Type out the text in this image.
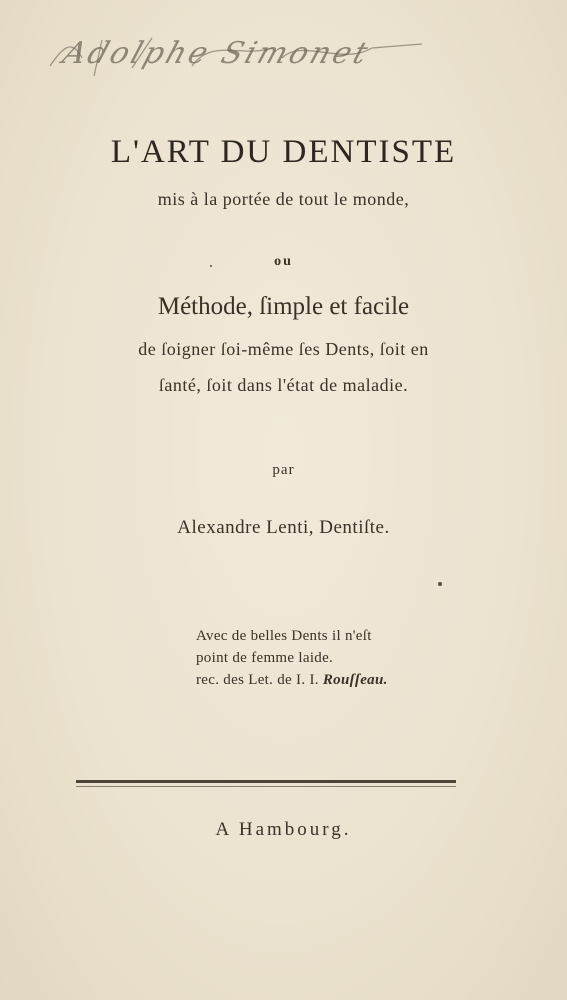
Adolphe Simonet
L'ART DU DENTISTE
mis à la portée de tout le monde,
ou
Méthode, ſimple et facile
de ſoigner ſoi-même ſes Dents, ſoit en
ſanté, ſoit dans l'état de maladie.
par
Alexandre Lenti, Dentiſte.
Avec de belles Dents il n'eſt
point de femme laide.
rec. des Let. de I. I. Rouſſeau.
A Hambourg.
